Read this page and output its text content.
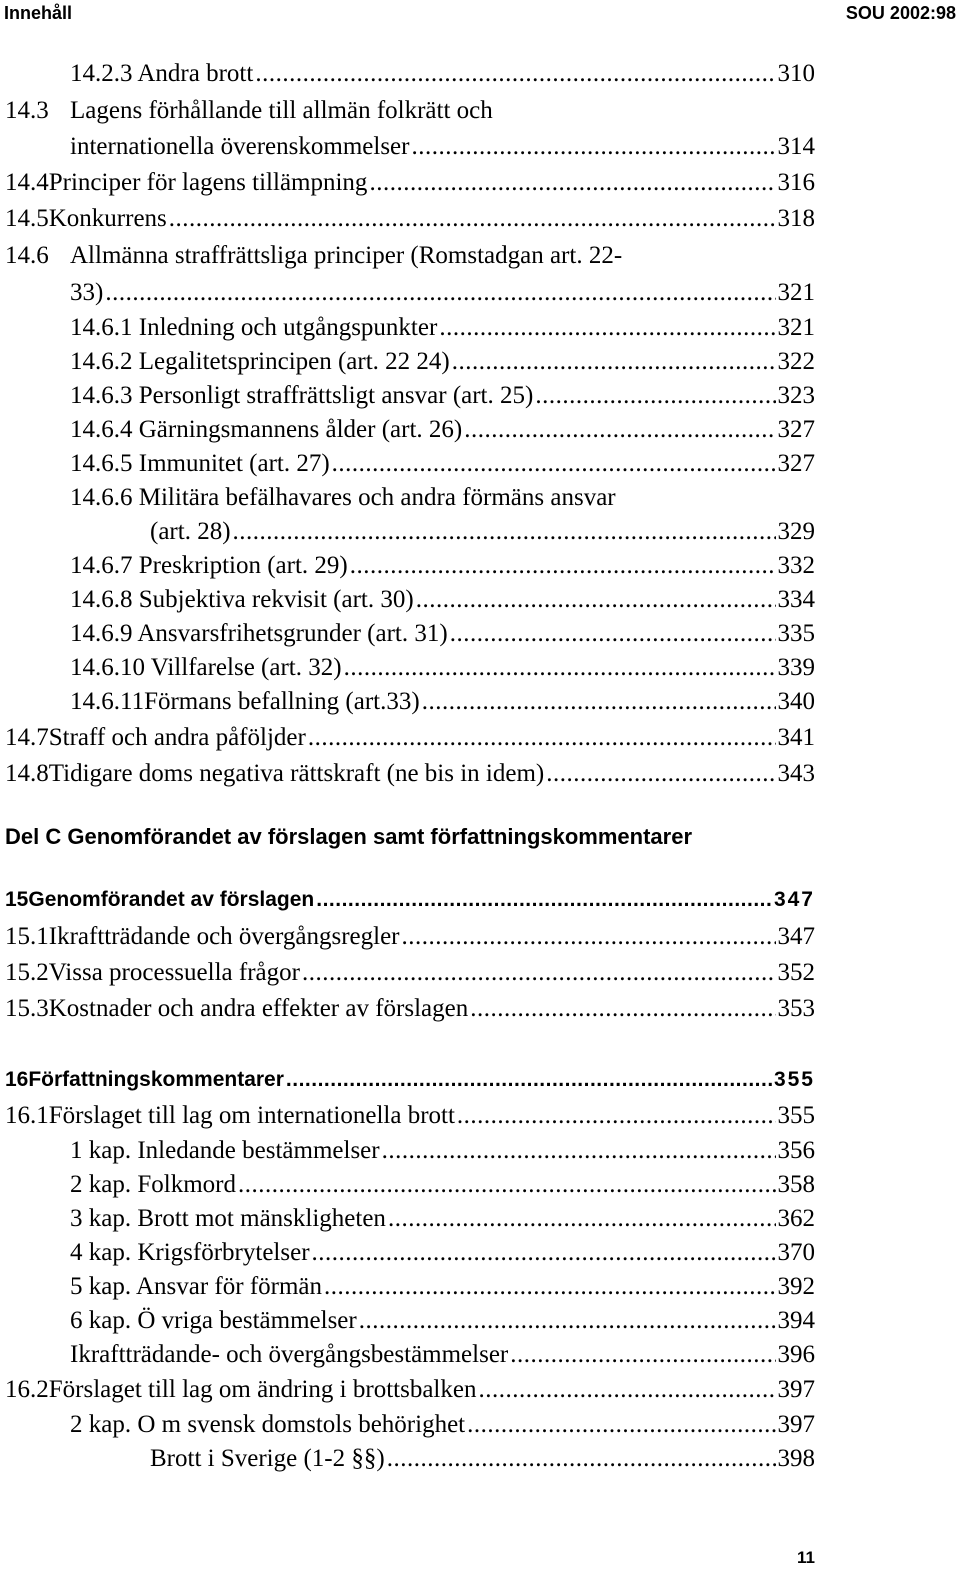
Innehåll	SOU 2002:98
14.2.3 Andra brott .....	310
14.3 Lagens förhållande till allmän folkrätt och
internationella överenskommelser .....	314
14.4 Principer för lagens tillämpning .....	316
14.5 Konkurrens .....	318
14.6 Allmänna straffrättsliga principer (Romstadgan art. 22-
33) .....	321
14.6.1 Inledning och utgångspunkter .....	321
14.6.2 Legalitetsprincipen (art. 22 24) .....	322
14.6.3 Personligt straffrättsligt ansvar (art. 25) .....	323
14.6.4 Gärningsmannens ålder (art. 26) .....	327
14.6.5 Immunitet (art. 27) .....	327
14.6.6 Militära befälhavares och andra förmäns ansvar
(art. 28) .....	329
14.6.7 Preskription (art. 29) .....	332
14.6.8 Subjektiva rekvisit (art. 30) .....	334
14.6.9 Ansvarsfrihetsgrunder (art. 31) .....	335
14.6.10 Villfarelse (art. 32) .....	339
14.6.11Förmans befallning (art.33) .....	340
14.7 Straff och andra påföljder .....	341
14.8 Tidigare doms negativa rättskraft (ne bis in idem) .....	343
15 Genomförandet av förslagen .....	347
15.1 Ikraftträdande och övergångsregler .....	347
15.2 Vissa processuella frågor .....	352
15.3 Kostnader och andra effekter av förslagen .....	353
16 Författningskommentarer .....	355
16.1 Förslaget till lag om internationella brott .....	355
1 kap. Inledande bestämmelser .....	356
2 kap. Folkmord .....	358
3 kap. Brott mot mänskligheten .....	362
4 kap. Krigsförbrytelser .....	370
5 kap. Ansvar för förmän .....	392
6 kap. Ö vriga bestämmelser .....	394
Ikraftträdande- och övergångsbestämmelser .....	396
16.2 Förslaget till lag om ändring i brottsbalken .....	397
2 kap. O m svensk domstols behörighet .....	397
Brott i Sverige (1-2 §§) .....	398
Del C Genomförandet av förslagen samt författningskommentarer
11
